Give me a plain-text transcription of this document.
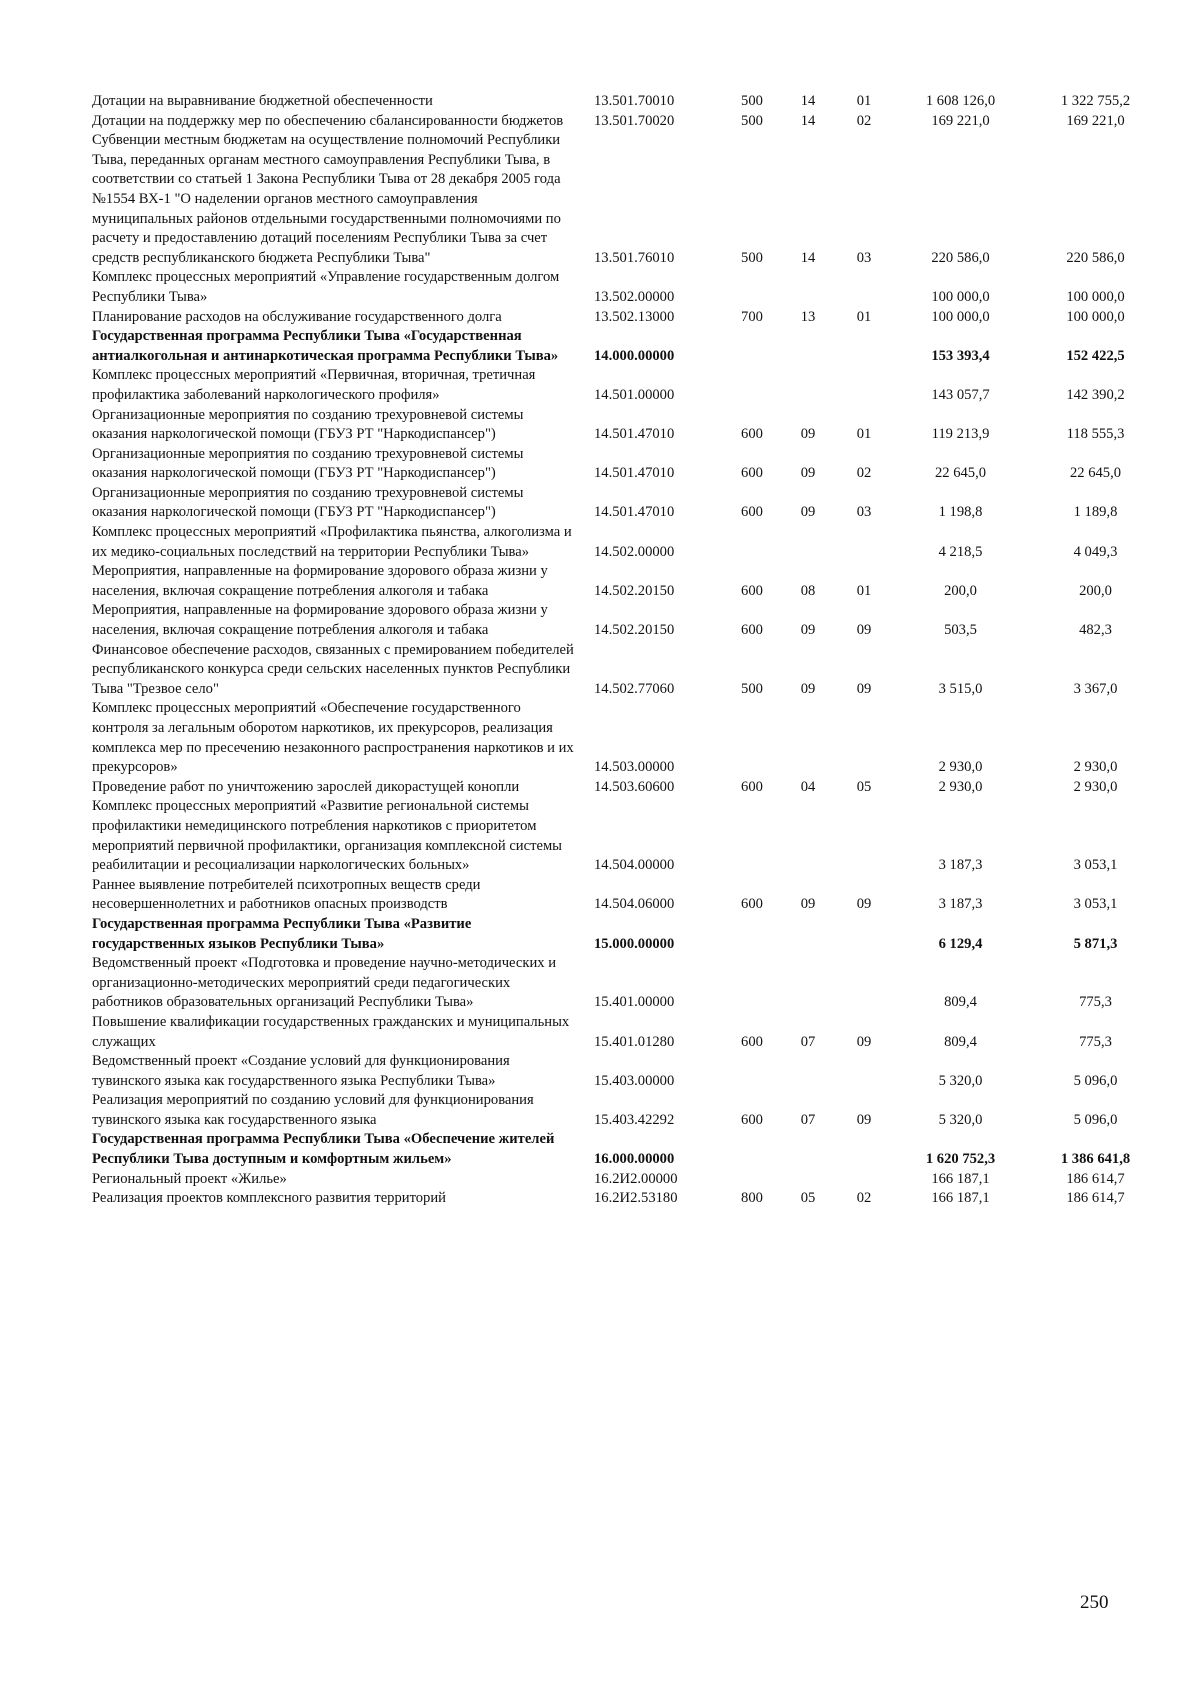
Дотации на выравнивание бюджетной обеспеченности	13.501.70010	500	14	01	1 608 126,0	1 322 755,2
Дотации на поддержку мер по обеспечению сбалансированности бюджетов	13.501.70020	500	14	02	169 221,0	169 221,0
Субвенции местным бюджетам на осуществление полномочий Республики Тыва, переданных органам местного самоуправления Республики Тыва, в соответствии со статьей 1 Закона Республики Тыва от 28 декабря 2005 года №1554 ВХ-1 "О наделении органов местного самоуправления муниципальных районов отдельными государственными полномочиями по расчету и предоставлению дотаций поселениям Республики Тыва за счет средств республиканского бюджета Республики Тыва"	13.501.76010	500	14	03	220 586,0	220 586,0
Комплекс процессных мероприятий «Управление государственным долгом Республики Тыва»	13.502.00000				100 000,0	100 000,0
Планирование расходов на обслуживание государственного долга	13.502.13000	700	13	01	100 000,0	100 000,0
Государственная программа Республики Тыва «Государственная антиалкогольная и антинаркотическая программа Республики Тыва»	14.000.00000				153 393,4	152 422,5
Комплекс процессных мероприятий «Первичная, вторичная, третичная профилактика заболеваний наркологического профиля»	14.501.00000				143 057,7	142 390,2
Организационные мероприятия по созданию трехуровневой системы оказания наркологической помощи (ГБУЗ РТ "Наркодиспансер")	14.501.47010	600	09	01	119 213,9	118 555,3
Организационные мероприятия по созданию трехуровневой системы оказания наркологической помощи (ГБУЗ РТ "Наркодиспансер")	14.501.47010	600	09	02	22 645,0	22 645,0
Организационные мероприятия по созданию трехуровневой системы оказания наркологической помощи (ГБУЗ РТ "Наркодиспансер")	14.501.47010	600	09	03	1 198,8	1 189,8
Комплекс процессных мероприятий «Профилактика пьянства, алкоголизма и их медико-социальных последствий на территории Республики Тыва»	14.502.00000				4 218,5	4 049,3
Мероприятия, направленные на формирование здорового образа жизни у населения, включая сокращение потребления алкоголя и табака	14.502.20150	600	08	01	200,0	200,0
Мероприятия, направленные на формирование здорового образа жизни у населения, включая сокращение потребления алкоголя и табака	14.502.20150	600	09	09	503,5	482,3
Финансовое обеспечение расходов, связанных с премированием победителей республиканского конкурса среди сельских населенных пунктов Республики Тыва "Трезвое село"	14.502.77060	500	09	09	3 515,0	3 367,0
Комплекс процессных мероприятий «Обеспечение государственного контроля за легальным оборотом наркотиков, их прекурсоров, реализация комплекса мер по пресечению незаконного распространения наркотиков и их прекурсоров»	14.503.00000				2 930,0	2 930,0
Проведение работ по уничтожению зарослей дикорастущей конопли	14.503.60600	600	04	05	2 930,0	2 930,0
Комплекс процессных мероприятий «Развитие региональной системы профилактики немедицинского потребления наркотиков с приоритетом мероприятий первичной профилактики, организация комплексной системы реабилитации и ресоциализации наркологических больных»	14.504.00000				3 187,3	3 053,1
Раннее выявление потребителей психотропных веществ среди несовершеннолетних и работников опасных производств	14.504.06000	600	09	09	3 187,3	3 053,1
Государственная программа Республики Тыва «Развитие государственных языков Республики Тыва»	15.000.00000				6 129,4	5 871,3
Ведомственный проект «Подготовка и проведение научно-методических и организационно-методических мероприятий среди педагогических работников образовательных организаций Республики Тыва»	15.401.00000				809,4	775,3
Повышение квалификации государственных гражданских и муниципальных служащих	15.401.01280	600	07	09	809,4	775,3
Ведомственный проект «Создание условий для функционирования тувинского языка как государственного языка Республики Тыва»	15.403.00000				5 320,0	5 096,0
Реализация мероприятий по созданию условий для функционирования тувинского языка как государственного языка	15.403.42292	600	07	09	5 320,0	5 096,0
Государственная программа Республики Тыва «Обеспечение жителей Республики Тыва доступным и комфортным жильем»	16.000.00000				1 620 752,3	1 386 641,8
Региональный проект «Жилье»	16.2И2.00000				166 187,1	186 614,7
Реализация проектов комплексного развития территорий	16.2И2.53180	800	05	02	166 187,1	186 614,7
250
